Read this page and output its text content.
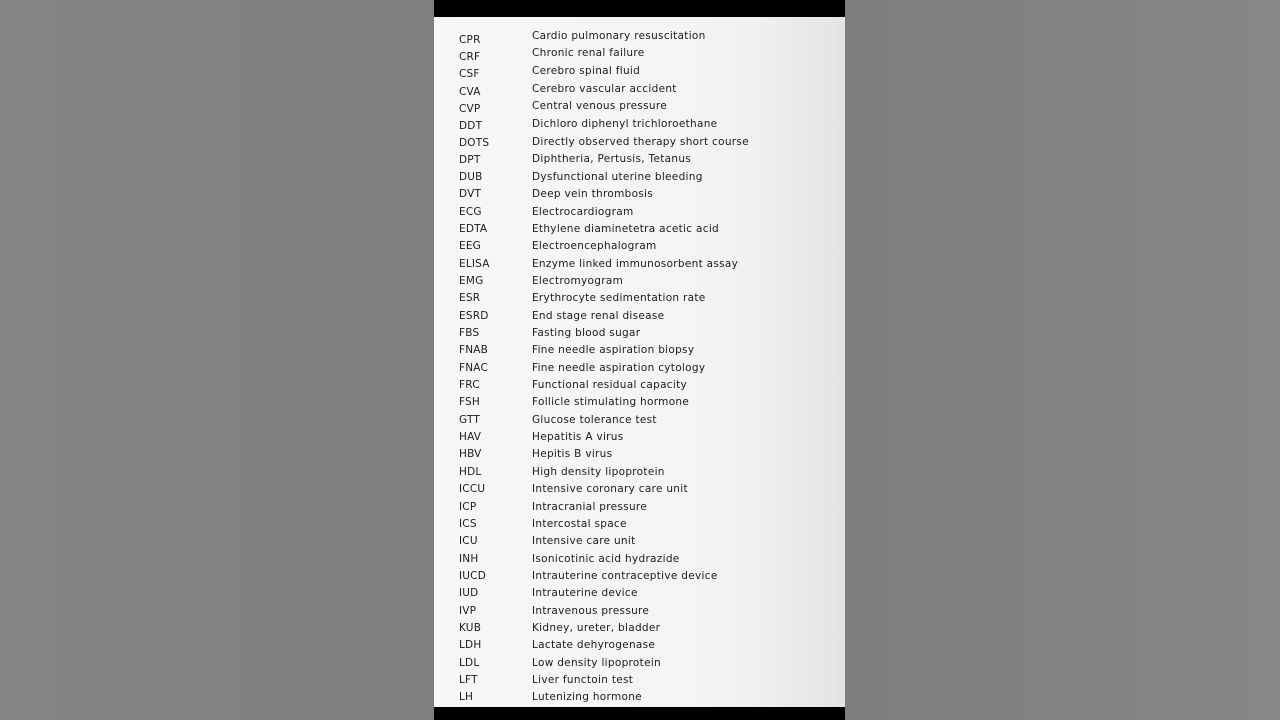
CPR	Cardio pulmonary resuscitation
CRF	Chronic renal failure
CSF	Cerebro spinal fluid
CVA	Cerebro vascular accident
CVP	Central venous pressure
DDT	Dichloro diphenyl trichloroethane
DOTS	Directly observed therapy short course
DPT	Diphtheria, Pertusis, Tetanus
DUB	Dysfunctional uterine bleeding
DVT	Deep vein thrombosis
ECG	Electrocardiogram
EDTA	Ethylene diaminetetra acetic acid
EEG	Electroencephalogram
ELISA	Enzyme linked immunosorbent assay
EMG	Electromyogram
ESR	Erythrocyte sedimentation rate
ESRD	End stage renal disease
FBS	Fasting blood sugar
FNAB	Fine needle aspiration biopsy
FNAC	Fine needle aspiration cytology
FRC	Functional residual capacity
FSH	Follicle stimulating hormone
GTT	Glucose tolerance test
HAV	Hepatitis A virus
HBV	Hepitis B virus
HDL	High density lipoprotein
ICCU	Intensive coronary care unit
ICP	Intracranial pressure
ICS	Intercostal space
ICU	Intensive care unit
INH	Isonicotinic acid hydrazide
IUCD	Intrauterine contraceptive device
IUD	Intrauterine device
IVP	Intravenous pressure
KUB	Kidney, ureter, bladder
LDH	Lactate dehyrogenase
LDL	Low density lipoprotein
LFT	Liver functoin test
LH	Lutenizing hormone
